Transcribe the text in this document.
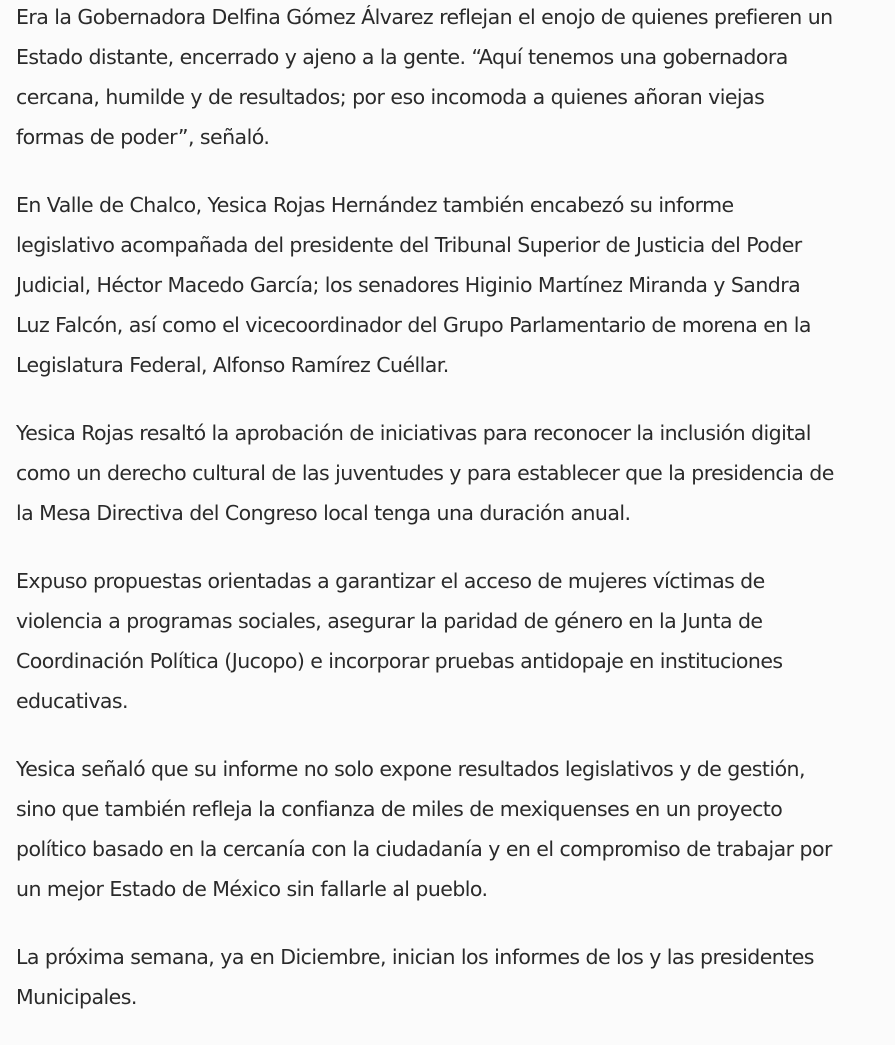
Era la Gobernadora Delfina Gómez Álvarez reflejan el enojo de quienes prefieren un
Estado distante, encerrado y ajeno a la gente. “Aquí tenemos una gobernadora
cercana, humilde y de resultados; por eso incomoda a quienes añoran viejas
formas de poder”, señaló.

En Valle de Chalco, Yesica Rojas Hernández también encabezó su informe
legislativo acompañada del presidente del Tribunal Superior de Justicia del Poder
Judicial, Héctor Macedo García; los senadores Higinio Martínez Miranda y Sandra
Luz Falcón, así como el vicecoordinador del Grupo Parlamentario de morena en la
Legislatura Federal, Alfonso Ramírez Cuéllar.

Yesica Rojas resaltó la aprobación de iniciativas para reconocer la inclusión digital
como un derecho cultural de las juventudes y para establecer que la presidencia de
la Mesa Directiva del Congreso local tenga una duración anual.

Expuso propuestas orientadas a garantizar el acceso de mujeres víctimas de
violencia a programas sociales, asegurar la paridad de género en la Junta de
Coordinación Política (Jucopo) e incorporar pruebas antidopaje en instituciones
educativas.

Yesica señaló que su informe no solo expone resultados legislativos y de gestión,
sino que también refleja la confianza de miles de mexiquenses en un proyecto
político basado en la cercanía con la ciudadanía y en el compromiso de trabajar por
un mejor Estado de México sin fallarle al pueblo.

La próxima semana, ya en Diciembre, inician los informes de los y las presidentes
Municipales.
